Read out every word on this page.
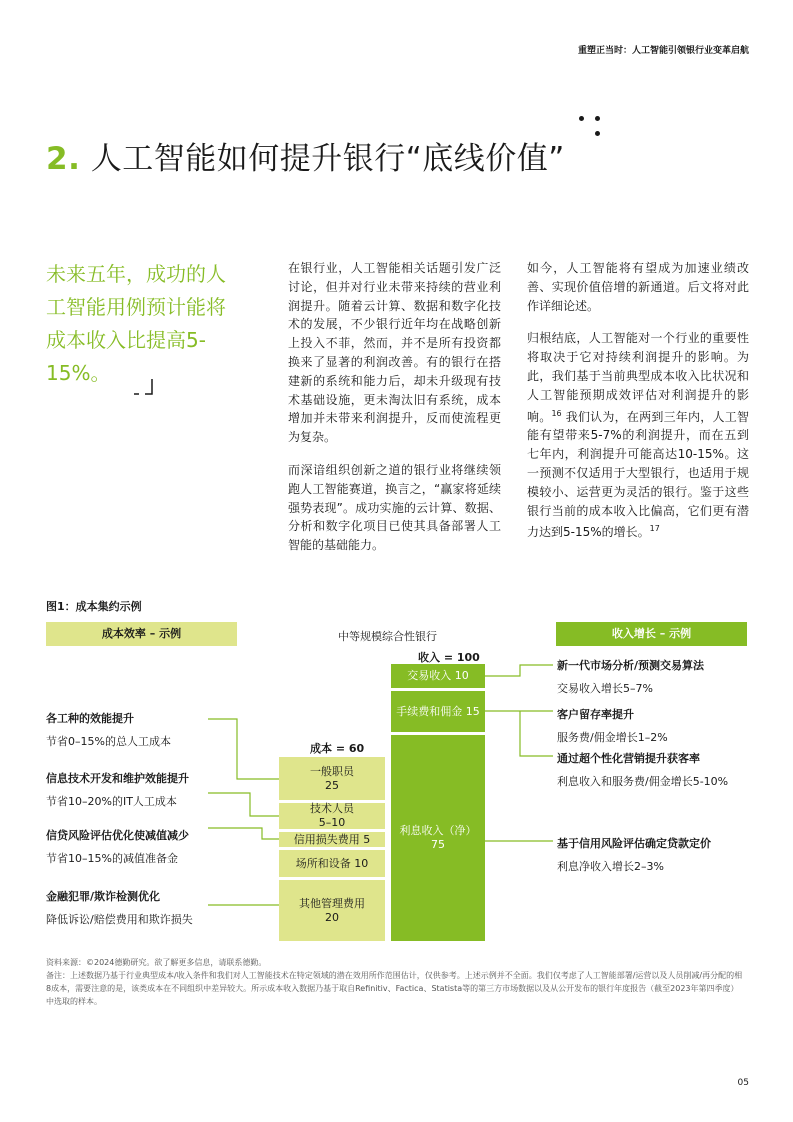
重塑正当时：人工智能引领银行业变革启航
2. 人工智能如何提升银行“底线价值”
未来五年，成功的人工智能用例预计能将成本收入比提高5-15%。

在银行业，人工智能相关话题引发广泛讨论，但并对行业未带来持续的营业利润提升。随着云计算、数据和数字化技术的发展，不少银行近年均在战略创新上投入不菲，然而，并不是所有投资都换来了显著的利润改善。有的银行在搭建新的系统和能力后，却未升级现有技术基础设施，更未淘汰旧有系统，成本增加并未带来利润提升，反而使流程更为复杂。

而深谙组织创新之道的银行业将继续领跑人工智能赛道，换言之，“赢家将延续强势表现”。成功实施的云计算、数据、分析和数字化项目已使其具备部署人工智能的基础能力。

如今，人工智能将有望成为加速业绩改善、实现价值倍增的新通道。后文将对此作详细论述。

归根结底，人工智能对一个行业的重要性将取决于它对持续利润提升的影响。为此，我们基于当前典型成本收入比状况和人工智能预期成效评估对利润提升的影响。$^{16}$ 我们认为，在两到三年内，人工智能有望带来5-7%的利润提升，而在五到七年内，利润提升可能高达10-15%。这一预测不仅适用于大型银行，也适用于规模较小、运营更为灵活的银行。鉴于这些银行当前的成本收入比偏高，它们更有潜力达到5-15%的增长。$^{17}$

图1：成本集约示例
成本效率 – 示例	中等规模综合性银行	收入增长 – 示例
收入 = 100
成本 = 60
交易收入 10
手续费和佣金 15
利息收入（净）
75
一般职员
25
技术人员
5–10
信用损失费用 5
场所和设备 10
其他管理费用
20
各工种的效能提升
节省0–15%的总人工成本
信息技术开发和维护效能提升
节省10–20%的IT人工成本
信贷风险评估优化使减值减少
节省10–15%的减值准备金
金融犯罪/欺诈检测优化
降低诉讼/赔偿费用和欺诈损失
新一代市场分析/预测交易算法
交易收入增长5–7%
客户留存率提升
服务费/佣金增长1–2%
通过超个性化营销提升获客率
利息收入和服务费/佣金增长5-10%
基于信用风险评估确定贷款定价
利息净收入增长2–3%
资料来源：©2024德勤研究。欲了解更多信息，请联系德勤。
备注：上述数据乃基于行业典型成本/收入条件和我们对人工智能技术在特定领域的潜在效用所作范围估计，仅供参考。上述示例并不全面。我们仅考虑了人工智能部署/运营以及人员削减/再分配的相8成本，需要注意的是，该类成本在不同组织中差异较大。所示成本收入数据乃基于取自Refinitiv、Factica、Statista等的第三方市场数据以及从公开发布的银行年度报告（截至2023年第四季度）中选取的样本。
05
